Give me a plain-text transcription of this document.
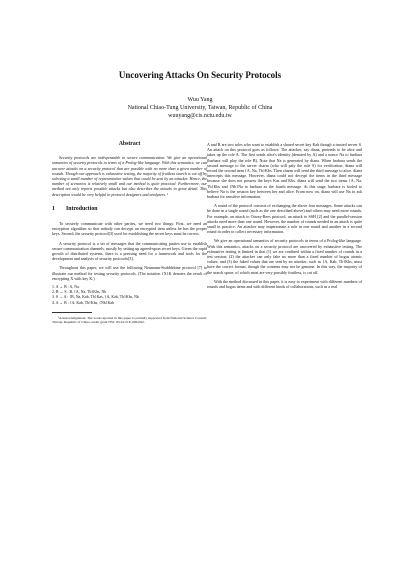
Uncovering Attacks On Security Protocols
Wuu Yang
National Chiao-Tung University, Taiwan, Republic of China
wuuyang@cis.nctu.edu.tw
Abstract

Security protocols are indispensable in secure communication. We give an operational semantics of security protocols in terms of a Prolog-like language. With this semantics, we can uncover attacks on a security protocol that are possible with no more than a given number of rounds. Though our approach is exhaustive testing, the majority of fruitless search is cut off by selecting a small number of representative values that could be sent by an attacker. Hence, the number of scenarios is relatively small and our method is quite practical. Furthermore, our method not only reports possible attacks but also describes the attacks in great detail. This description would be very helpful to protocol designers and analyzers. ¹

1 Introduction

To securely communicate with other parties, we need two things: First, we need an encryption algorithm so that nobody can decrypt an encrypted item unless he has the proper keys. Second, the security protocol[3] used for establishing the secret keys must be correct.

A security protocol is a set of messages that the communicating parties use to establish secure communication channels, mostly by setting up agreed-upon secret keys. Given the rapid growth of distributed systems, there is a pressing need for a framework and tools for the development and analysis of security protocols[3].

Throughout this paper, we will use the following Neumann-Stubblebine protocol [7] to illustrate our method for testing security protocols. (The notation {X}K denotes the result of encrypting X with key K.)

1. A → B : A, Na.
2. B → S : B, {A, Na, Tb}Kbs, Nb
3. S → A : {B, Na, Kab, Tb}Kas, {A, Kab, Tb}Kbs, Nb
4. A → B : {A, Kab, Tb}Kbs, {Nb}Kab

¹Acknowledgement. The work reported in this paper is partially supported from National Science Council, Taiwan, Republic of China, under grant NSC 93-2213-E-009-092.

A and B are two roles who want to establish a shared secret key Kab though a trusted server S. An attack on this protocol goes as follows: The attacker, say diana, pretends to be alice and takes up the role A. The first sends alice's identity (denoted by A) and a nonce Na to barbara (barbara will play the role B). Note that Na is generated by diana. When barbara sends the second message to the server charm (who will paly the role S) for verification, diana will record the second item {A, Na, Tb}Kbs. Then charm will send the third message to alice. diana intercepts this message. However, diana could not decrypt the items in the third message because she does not possess the keys Kas and Kbs. diana will send the two items {A, Na, Tb}Kbs and {Nb}Na to barbara as the fourth message. At this stage, barbara is fooled to believe Na is the session key between her and alice. From now on, diana will use Na to ask barbara for sensitive information.

A round of the protocol consists of exchanging the above four messages. Some attacks can be done in a single round (such as the one described above) and others may need more rounds. For example, an attack to Otway-Rees protocol, an attack to SSH [2] and the parallel-session attacks need more than one round. However, the number of rounds needed in an attack is quite small in practice. An attacker may impersonate a role in one round and another in a second round in order to collect necessary information.

We give an operational semantics of security protocols in terms of a Prolog-like language. With this semantics, attacks on a security protocol are uncovered by exhaustive testing. The exhaustive testing is limited in that (1) we are confined within a fixed number of rounds in a test session; (2) the attacker can only fake no more than a fixed number of bogus atomic values; and (3) the faked values that are sent by an attacker, such as {A, Kab, Tb}Kbs, must have the correct format, though the contents may not be genuine. In this way, the majority of the search space, of which most are very possibly fruitless, is cut off.

With the method discussed in this paper, it is easy to experiment with different numbers of rounds and bogus items and with different kinds of collaborations, such as a real
